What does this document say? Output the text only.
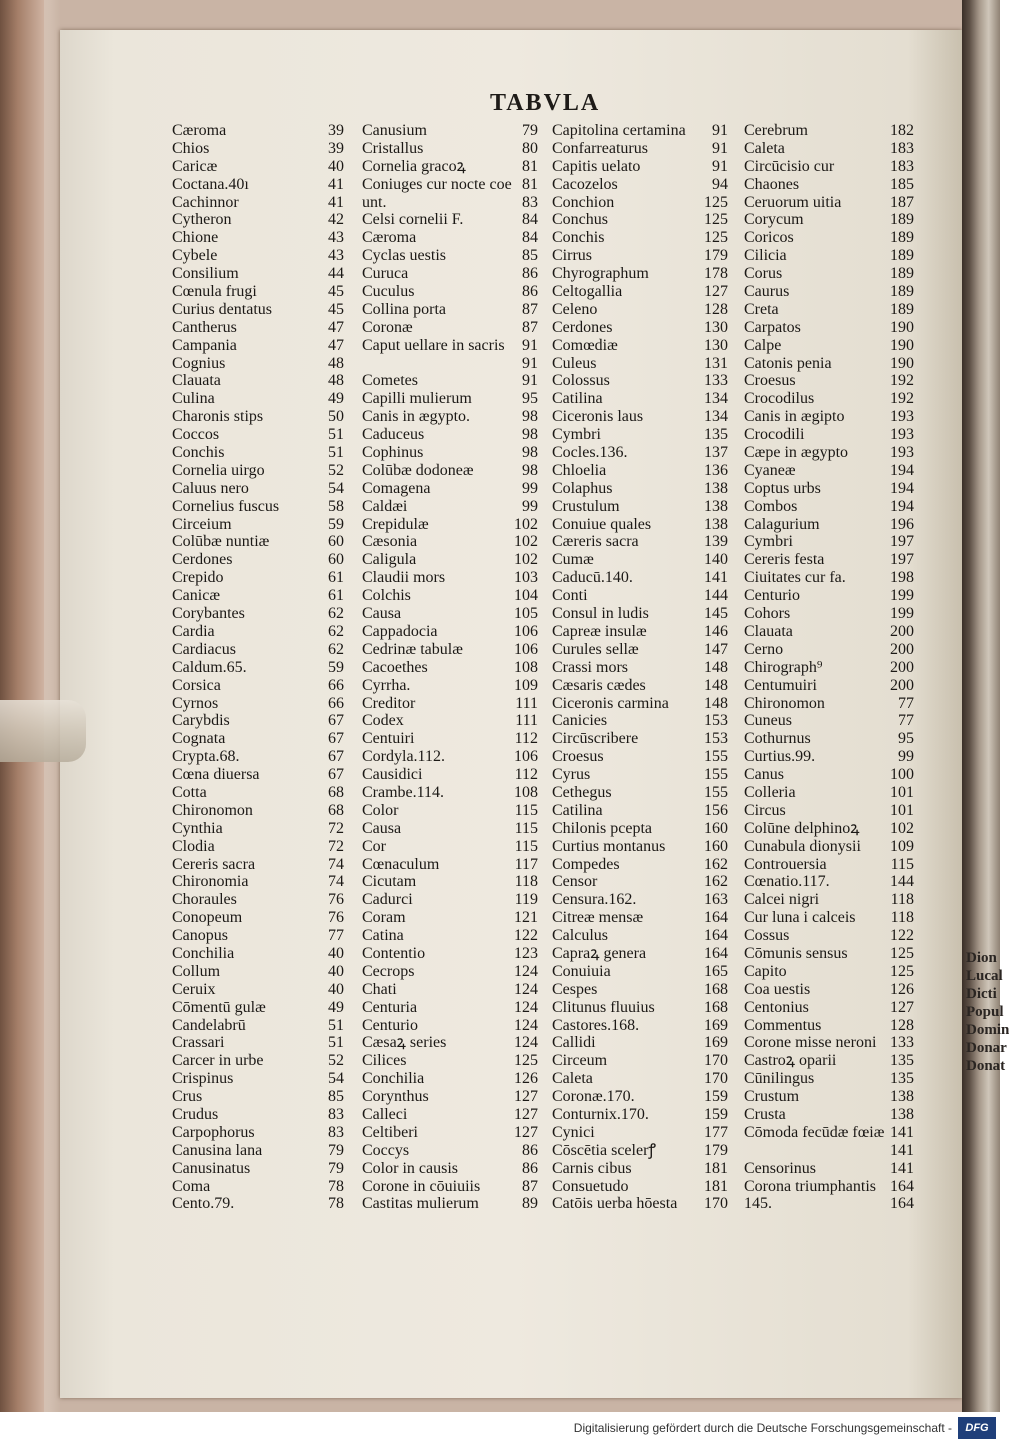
Dion
Lucal
Dicti
Popul
Domin
Donar
Donat
TABVLA
Cæroma	39
Chios	39
Caricæ	40
Coctana.40ı	41
Cachinnor	41
Cytheron	42
Chione	43
Cybele	43
Consilium	44
Cœnula frugi	45
Curius dentatus	45
Cantherus	47
Campania	47
Cognius	48
Clauata	48
Culina	49
Charonis stips	50
Coccos	51
Conchis	51
Cornelia uirgo	52
Caluus nero	54
Cornelius fuscus	58
Circeium	59
Colūbæ nuntiæ	60
Cerdones	60
Crepido	61
Canicæ	61
Corybantes	62
Cardia	62
Cardiacus	62
Caldum.65.	59
Corsica	66
Cyrnos	66
Carybdis	67
Cognata	67
Crypta.68.	67
Cœna diuersa	67
Cotta	68
Chironomon	68
Cynthia	72
Clodia	72
Cereris sacra	74
Chironomia	74
Choraules	76
Conopeum	76
Canopus	77
Conchilia	40
Collum	40
Ceruix	40
Cōmentū gulæ	49
Candelabrū	51
Crassari	51
Carcer in urbe	52
Crispinus	54
Crus	85
Crudus	83
Carpophorus	83
Canusina lana	79
Canusinatus	79
Coma	78
Cento.79.	78
Canusium	79
Cristallus	80
Cornelia gracoꝝ	81
Coniuges cur nocte coe 81
unt.	83
Celsi cornelii F.	84
Cæroma	84
Cyclas uestis	85
Curuca	86
Cuculus	86
Collina porta	87
Coronæ	87
Caput uellare in sacris 91
91
Cometes	91
Capilli mulierum	95
Canis in ægypto.	98
Caduceus	98
Cophinus	98
Colūbæ dodoneæ	98
Comagena	99
Caldæi	99
Crepidulæ	102
Cæsonia	102
Caligula	102
Claudii mors	103
Colchis	104
Causa	105
Cappadocia	106
Cedrinæ tabulæ	106
Cacoethes	108
Cyrrha.	109
Creditor	111
Codex	111
Centuiri	112
Cordyla.112.	106
Causidici	112
Crambe.114.	108
Color	115
Causa	115
Cor	115
Cœnaculum	117
Cicutam	118
Cadurci	119
Coram	121
Catina	122
Contentio	123
Cecrops	124
Chati	124
Centuria	124
Centurio	124
Cæsaꝝ series	124
Cilices	125
Conchilia	126
Corynthus	127
Calleci	127
Celtiberi	127
Coccys	86
Color in causis	86
Corone in cōuiuiis	87
Castitas mulierum	89
Capitolina certamina 91
Confarreaturus	91
Capitis uelato	91
Cacozelos	94
Conchion	125
Conchus	125
Conchis	125
Cirrus	179
Chyrographum	178
Celtogallia	127
Celeno	128
Cerdones	130
Comœdiæ	130
Culeus	131
Colossus	133
Catilina	134
Ciceronis laus	134
Cymbri	135
Cocles.136.	137
Chloelia	136
Colaphus	138
Crustulum	138
Conuiue quales	138
Cæreris sacra	139
Cumæ	140
Caducū.140.	141
Conti	144
Consul in ludis	145
Capreæ insulæ	146
Curules sellæ	147
Crassi mors	148
Cæsaris cædes	148
Ciceronis carmina 148
Canicies	153
Circūscribere	153
Croesus	155
Cyrus	155
Cethegus	155
Catilina	156
Chilonis pcepta	160
Curtius montanus 160
Compedes	162
Censor	162
Censura.162.	163
Citreæ mensæ	164
Calculus	164
Capraꝝ genera	164
Conuiuia	165
Cespes	168
Clitunus fluuius	168
Castores.168.	169
Callidi	169
Circeum	170
Caleta	170
Coronæ.170.	159
Conturnix.170.	159
Cynici	177
Cōscētia scelerꝭ	179
Carnis cibus	181
Consuetudo	181
Catōis uerba hōesta 170
Cerebrum	182
Caleta	183
Circūcisio cur	183
Chaones	185
Ceruorum uitia	187
Corycum	189
Coricos	189
Cilicia	189
Corus	189
Caurus	189
Creta	189
Carpatos	190
Calpe	190
Catonis penia	190
Croesus	192
Crocodilus	192
Canis in ægipto	193
Crocodili	193
Cæpe in ægypto	193
Cyaneæ	194
Coptus urbs	194
Combos	194
Calagurium	196
Cymbri	197
Cereris festa	197
Ciuitates cur fa.	198
Centurio	199
Cohors	199
Clauata	200
Cerno	200
Chirograph⁹	200
Centumuiri	200
Chironomon	77
Cuneus	77
Cothurnus	95
Curtius.99.	99
Canus	100
Colleria	101
Circus	101
Colūne delphinoꝝ 102
Cunabula dionysii 109
Controuersia	115
Cœnatio.117.	144
Calcei nigri	118
Cur luna i calceis 118
Cossus	122
Cōmunis sensus	125
Capito	125
Coa uestis	126
Centonius	127
Commentus	128
Corone misse neroni 133
Castroꝝ oparii	135
Cūnilingus	135
Crustum	138
Crusta	138
Cōmoda fecūdæ fœiæ 141
141
Censorinus	141
Corona triumphantis 164
145.	164
Digitalisierung gefördert durch die Deutsche Forschungsgemeinschaft -	DFG
